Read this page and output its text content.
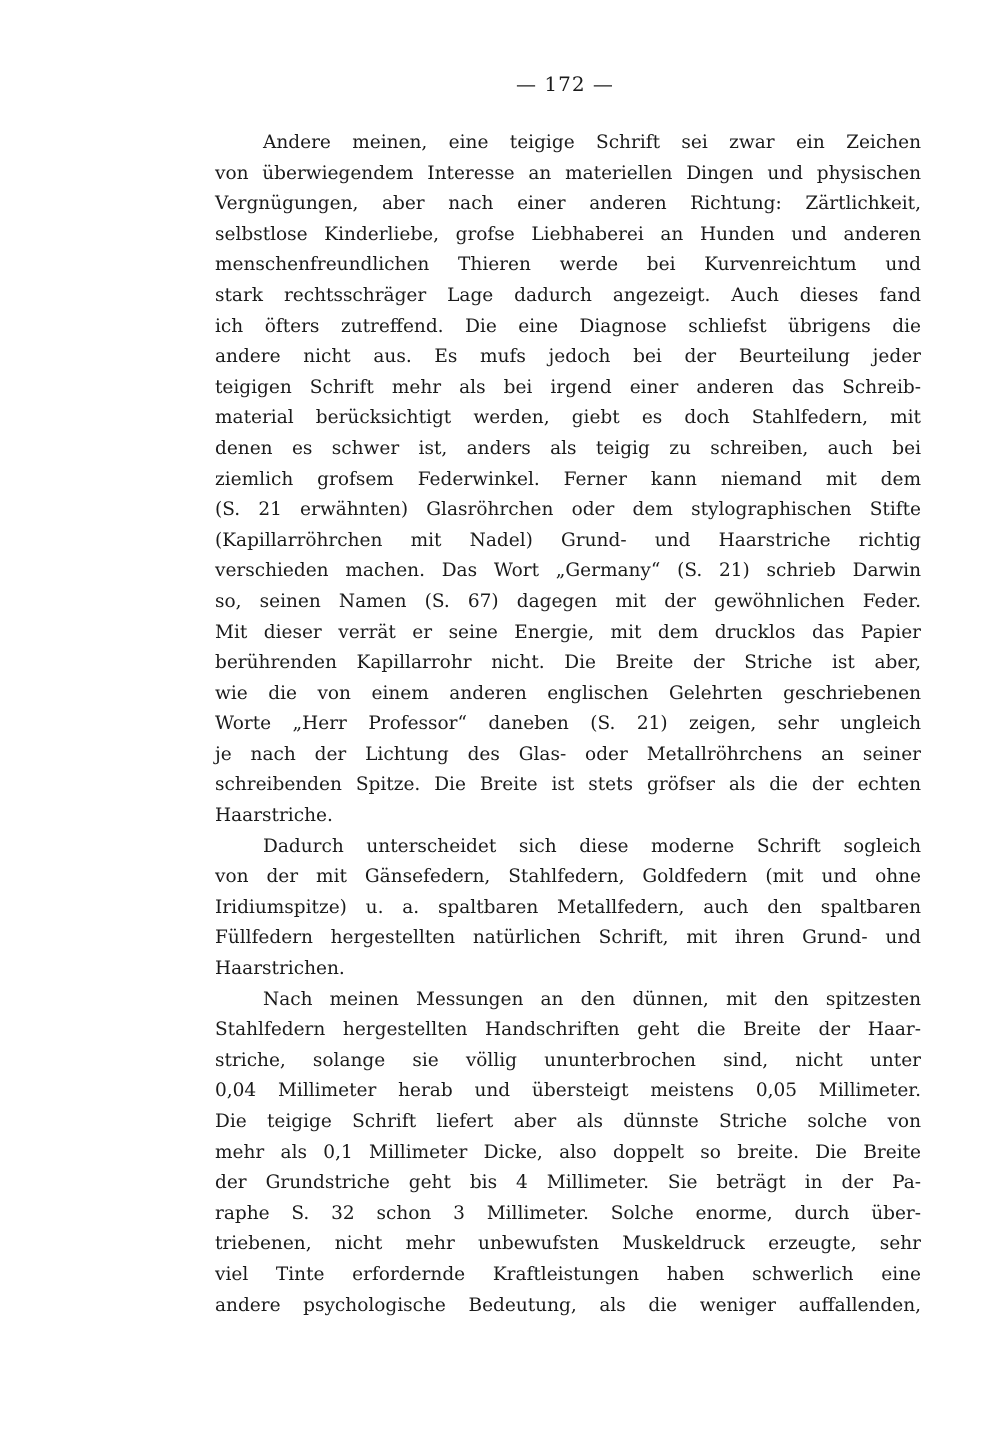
— 172 —
Andere meinen, eine teigige Schrift sei zwar ein Zeichen
von überwiegendem Interesse an materiellen Dingen und physischen
Vergnügungen, aber nach einer anderen Richtung: Zärtlichkeit,
selbstlose Kinderliebe, grofse Liebhaberei an Hunden und anderen
menschenfreundlichen Thieren werde bei Kurvenreichtum und
stark rechtsschräger Lage dadurch angezeigt. Auch dieses fand
ich öfters zutreffend. Die eine Diagnose schliefst übrigens die
andere nicht aus. Es mufs jedoch bei der Beurteilung jeder
teigigen Schrift mehr als bei irgend einer anderen das Schreib-
material berücksichtigt werden, giebt es doch Stahlfedern, mit
denen es schwer ist, anders als teigig zu schreiben, auch bei
ziemlich grofsem Federwinkel. Ferner kann niemand mit dem
(S. 21 erwähnten) Glasröhrchen oder dem stylographischen Stifte
(Kapillarröhrchen mit Nadel) Grund- und Haarstriche richtig
verschieden machen. Das Wort „Germany“ (S. 21) schrieb Darwin
so, seinen Namen (S. 67) dagegen mit der gewöhnlichen Feder.
Mit dieser verrät er seine Energie, mit dem drucklos das Papier
berührenden Kapillarrohr nicht. Die Breite der Striche ist aber,
wie die von einem anderen englischen Gelehrten geschriebenen
Worte „Herr Professor“ daneben (S. 21) zeigen, sehr ungleich
je nach der Lichtung des Glas- oder Metallröhrchens an seiner
schreibenden Spitze. Die Breite ist stets gröfser als die der echten
Haarstriche.
Dadurch unterscheidet sich diese moderne Schrift sogleich
von der mit Gänsefedern, Stahlfedern, Goldfedern (mit und ohne
Iridiumspitze) u. a. spaltbaren Metallfedern, auch den spaltbaren
Füllfedern hergestellten natürlichen Schrift, mit ihren Grund- und
Haarstrichen.
Nach meinen Messungen an den dünnen, mit den spitzesten
Stahlfedern hergestellten Handschriften geht die Breite der Haar-
striche, solange sie völlig ununterbrochen sind, nicht unter
0,04 Millimeter herab und übersteigt meistens 0,05 Millimeter.
Die teigige Schrift liefert aber als dünnste Striche solche von
mehr als 0,1 Millimeter Dicke, also doppelt so breite. Die Breite
der Grundstriche geht bis 4 Millimeter. Sie beträgt in der Pa-
raphe S. 32 schon 3 Millimeter. Solche enorme, durch über-
triebenen, nicht mehr unbewufsten Muskeldruck erzeugte, sehr
viel Tinte erfordernde Kraftleistungen haben schwerlich eine
andere psychologische Bedeutung, als die weniger auffallenden,
